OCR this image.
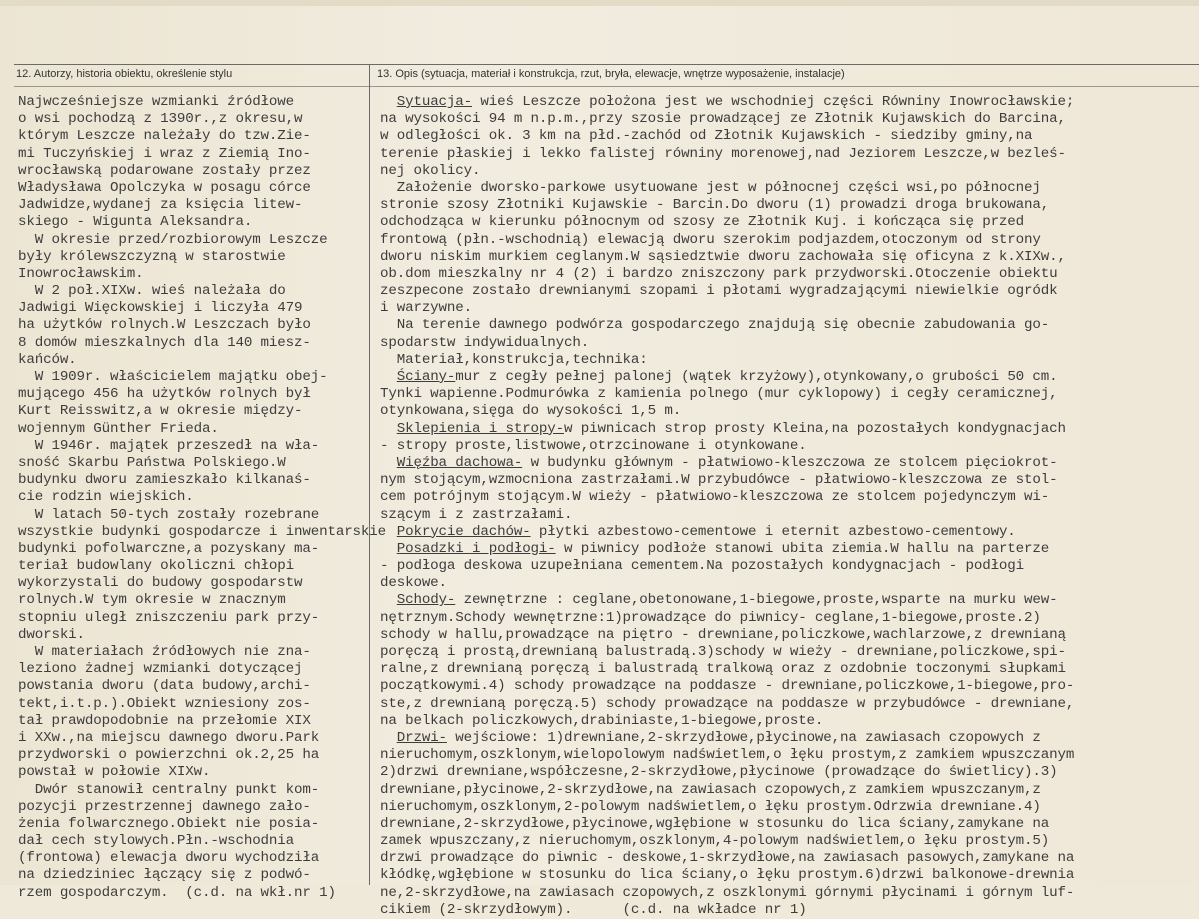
12. Autorzy, historia obiektu, określenie stylu	13. Opis (sytuacja, materiał i konstrukcja, rzut, bryła, elewacje, wnętrze wyposażenie, instalacje)
Najwcześniejsze wzmianki źródłowe
o wsi pochodzą z 1390r.,z okresu,w
którym Leszcze należały do tzw.Zie-
mi Tuczyńskiej i wraz z Ziemią Ino-
wrocławską podarowane zostały przez
Władysława Opolczyka w posagu córce
Jadwidze,wydanej za księcia litew-
skiego - Wiguntа Aleksandra.
W okresie przed/rozbiorowym Leszcze
były królewszczyzną w starostwie
Inowrocławskim.
W 2 poł.XIXw. wieś należała do
Jadwigi Więckowskiej i liczyła 479
ha użytków rolnych.W Leszczach było
8 domów mieszkalnych dla 140 miesz-
kańców.
W 1909r. właścicielem majątku obej-
mującego 456 ha użytków rolnych był
Kurt Reisswitz,a w okresie między-
wojennym Günther Frieda.
W 1946r. majątek przeszedł na wła-
sność Skarbu Państwa Polskiego.W
budynku dworu zamieszkało kilkanaś-
cie rodzin wiejskich.
W latach 50-tych zostały rozebrane
wszystkie budynki gospodarcze i inwentarskie
budynki pofolwarczne,a pozyskany ma-
teriał budowlany okoliczni chłopi
wykorzystali do budowy gospodarstw
rolnych.W tym okresie w znacznym
stopniu uległ zniszczeniu park przy-
dworski.
W materiałach źródłowych nie zna-
leziono żadnej wzmianki dotyczącej
powstania dworu (data budowy,archi-
tekt,i.t.p.).Obiekt wzniesiony zos-
tał prawdopodobnie na przełomie XIX
i XXw.,na miejscu dawnego dworu.Park
przydworski o powierzchni ok.2,25 ha
powstał w połowie XIXw.
Dwór stanowił centralny punkt kom-
pozycji przestrzennej dawnego zało-
żenia folwarcznego.Obiekt nie posia-
dał cech stylowych.Płn.-wschodnia
(frontowa) elewacja dworu wychodziła
na dziedziniec łączący się z podwó-
rzem gospodarczym.  (c.d. na wkł.nr 1)
Sytuacja- wieś Leszcze położona jest we wschodniej części Równiny Inowrocławskie;
na wysokości 94 m n.p.m.,przy szosie prowadzącej ze Złotnik Kujawskich do Barcina,
w odległości ok. 3 km na płd.-zachód od Złotnik Kujawskich - siedziby gminy,na
terenie płaskiej i lekko falistej równiny morenowej,nad Jeziorem Leszcze,w bezleś-
nej okolicy.
Założenie dworsko-parkowe usytuowane jest w północnej części wsi,po północnej
stronie szosy Złotniki Kujawskie - Barcin.Do dworu (1) prowadzi droga brukowana,
odchodząca w kierunku północnym od szosy ze Złotnik Kuj. i kończąca się przed
frontową (płn.-wschodnią) elewacją dworu szerokim podjazdem,otoczonym od strony
dworu niskim murkiem ceglanym.W sąsiedztwie dworu zachowała się oficyna z k.XIXw.,
ob.dom mieszkalny nr 4 (2) i bardzo zniszczony park przydworski.Otoczenie obiektu
zeszpecone zostało drewnianymi szopami i płotami wygradzającymi niewielkie ogródk
i warzywne.
Na terenie dawnego podwórza gospodarczego znajdują się obecnie zabudowania go-
spodarstw indywidualnych.
Materiał,konstrukcja,technika:
Ściany-mur z cegły pełnej palonej (wątek krzyżowy),otynkowany,o grubości 50 cm.
Tynki wapienne.Podmurówka z kamienia polnego (mur cyklopowy) i cegły ceramicznej,
otynkowana,sięga do wysokości 1,5 m.
Sklepienia i stropy-w piwnicach strop prosty Kleina,na pozostałych kondygnacjach
- stropy proste,listwowe,otrzcinowane i otynkowane.
Więźba dachowa- w budynku głównym - płatwiowo-kleszczowa ze stolcem pięciokrot-
nym stojącym,wzmocniona zastrzałami.W przybudówce - płatwiowo-kleszczowa ze stol-
cem potrójnym stojącym.W wieży - płatwiowo-kleszczowa ze stolcem pojedynczym wi-
szącym i z zastrzałami.
Pokrycie dachów- płytki azbestowo-cementowe i eternit azbestowo-cementowy.
Posadzki i podłogi- w piwnicy podłoże stanowi ubita ziemia.W hallu na parterze
- podłoga deskowa uzupełniana cementem.Na pozostałych kondygnacjach - podłogi
deskowe.
Schody- zewnętrzne : ceglane,obetonowane,1-biegowe,proste,wsparte na murku wew-
nętrznym.Schody wewnętrzne:1)prowadzące do piwnicy- ceglane,1-biegowe,proste.2)
schody w hallu,prowadzące na piętro - drewniane,policzkowe,wachlarzowe,z drewnianą
poręczą i prostą,drewnianą balustradą.3)schody w wieży - drewniane,policzkowe,spi-
ralne,z drewnianą poręczą i balustradą tralkową oraz z ozdobnie toczonymi słupkami
początkowymi.4) schody prowadzące na poddasze - drewniane,policzkowe,1-biegowe,pro-
ste,z drewnianą poręczą.5) schody prowadzące na poddasze w przybudówce - drewniane,
na belkach policzkowych,drabiniaste,1-biegowe,proste.
Drzwi- wejściowe: 1)drewniane,2-skrzydłowe,płycinowe,na zawiasach czopowych z
nieruchomym,oszklonym,wielopolowym nadświetlem,o łęku prostym,z zamkiem wpuszczanym
2)drzwi drewniane,współczesne,2-skrzydłowe,płycinowe (prowadzące do świetlicy).3)
drewniane,płycinowe,2-skrzydłowe,na zawiasach czopowych,z zamkiem wpuszczanym,z
nieruchomym,oszklonym,2-polowym nadświetlem,o łęku prostym.Odrzwia drewniane.4)
drewniane,2-skrzydłowe,płycinowe,wgłębione w stosunku do lica ściany,zamykane na
zamek wpuszczany,z nieruchomym,oszklonym,4-polowym nadświetlem,o łęku prostym.5)
drzwi prowadzące do piwnic - deskowe,1-skrzydłowe,na zawiasach pasowych,zamykane na
kłódkę,wgłębione w stosunku do lica ściany,o łęku prostym.6)drzwi balkonowe-drewnia
ne,2-skrzydłowe,na zawiasach czopowych,z oszklonymi górnymi płycinami i górnym luf-
cikiem (2-skrzydłowym).      (c.d. na wkładce nr 1)
